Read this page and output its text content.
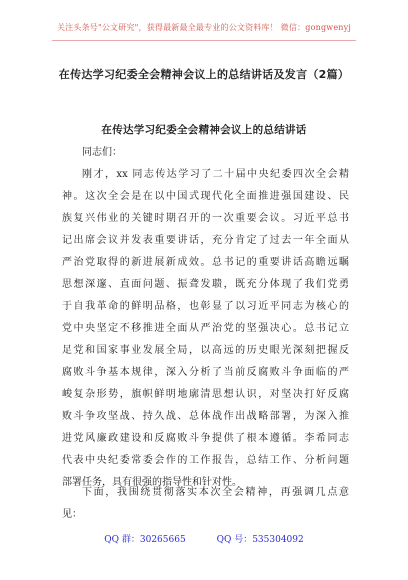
关注头条号"公文研究"，获得最新最全最专业的公文资料库！ 微信：gongwenyj
在传达学习纪委全会精神会议上的总结讲话及发言（2篇）
在传达学习纪委全会精神会议上的总结讲话
同志们：
刚才，xx 同志传达学习了二十届中央纪委四次全会精
神。这次全会是在以中国式现代化全面推进强国建设、民
族复兴伟业的关键时期召开的一次重要会议。习近平总书
记出席会议并发表重要讲话，充分肯定了过去一年全面从
严治党取得的新进展新成效。总书记的重要讲话高瞻远瞩
思想深邃、直面问题、振聋发聩，既充分体现了我们党勇
于自我革命的鲜明品格，也彰显了以习近平同志为核心的
党中央坚定不移推进全面从严治党的坚强决心。总书记立
足党和国家事业发展全局，以高远的历史眼光深刻把握反
腐败斗争基本规律，深入分析了当前反腐败斗争面临的严
峻复杂形势，旗帜鲜明地廓清思想认识，对坚决打好反腐
败斗争攻坚战、持久战、总体战作出战略部署，为深入推
进党风廉政建设和反腐败斗争提供了根本遵循。李希同志
代表中央纪委常委会作的工作报告，总结工作、分析问题
部署任务，具有很强的指导性和针对性。
下面，我围绕贯彻落实本次全会精神，再强调几点意
见：
QQ 群：30265665	QQ 号：535304092
